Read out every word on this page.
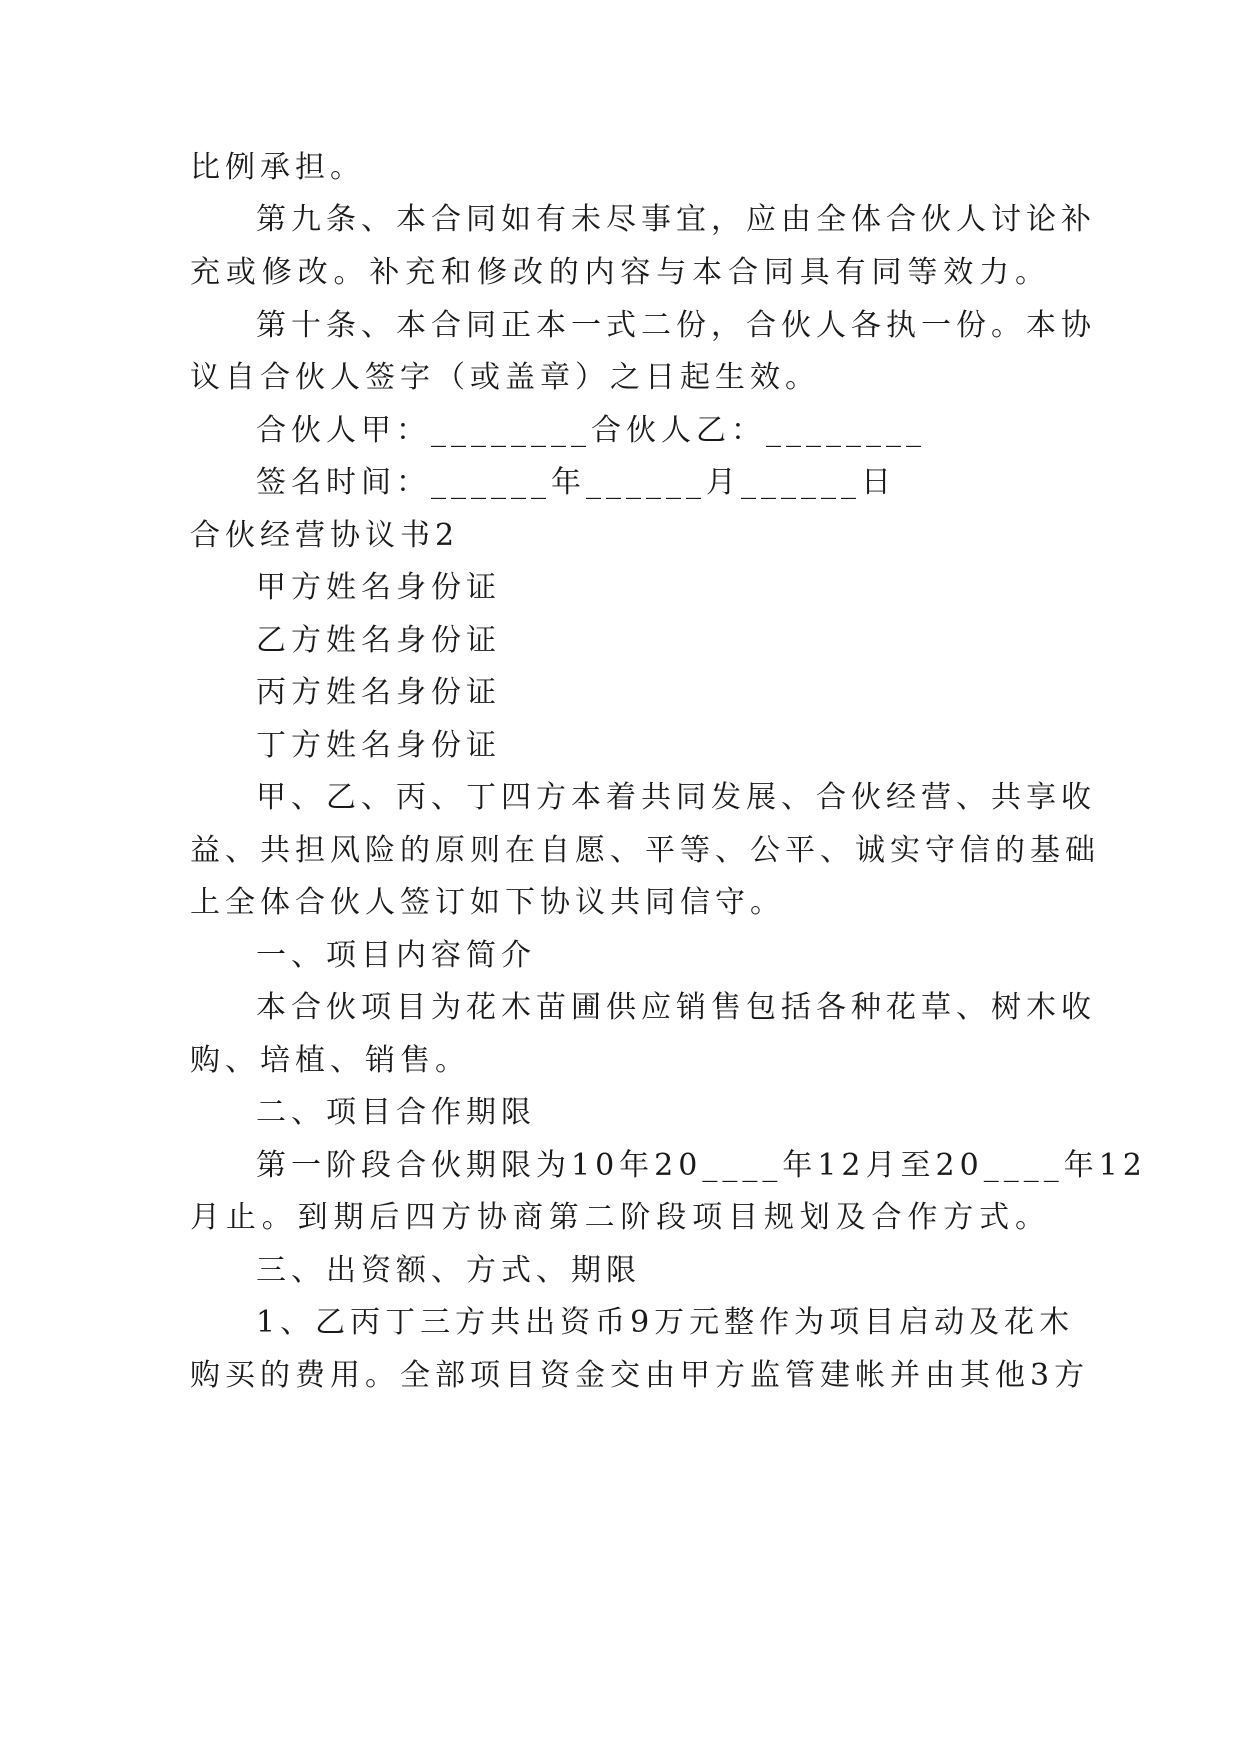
比例承担。
第九条、本合同如有未尽事宜，应由全体合伙人讨论补
充或修改。补充和修改的内容与本合同具有同等效力。
第十条、本合同正本一式二份，合伙人各执一份。本协
议自合伙人签字（或盖章）之日起生效。
合伙人甲：________合伙人乙：________
签名时间：______年______月______日
合伙经营协议书2
甲方姓名身份证
乙方姓名身份证
丙方姓名身份证
丁方姓名身份证
甲、乙、丙、丁四方本着共同发展、合伙经营、共享收
益、共担风险的原则在自愿、平等、公平、诚实守信的基础
上全体合伙人签订如下协议共同信守。
一、项目内容简介
本合伙项目为花木苗圃供应销售包括各种花草、树木收
购、培植、销售。
二、项目合作期限
第一阶段合伙期限为10年20____年12月至20____年12
月止。到期后四方协商第二阶段项目规划及合作方式。
三、出资额、方式、期限
1、乙丙丁三方共出资币9万元整作为项目启动及花木
购买的费用。全部项目资金交由甲方监管建帐并由其他3方
